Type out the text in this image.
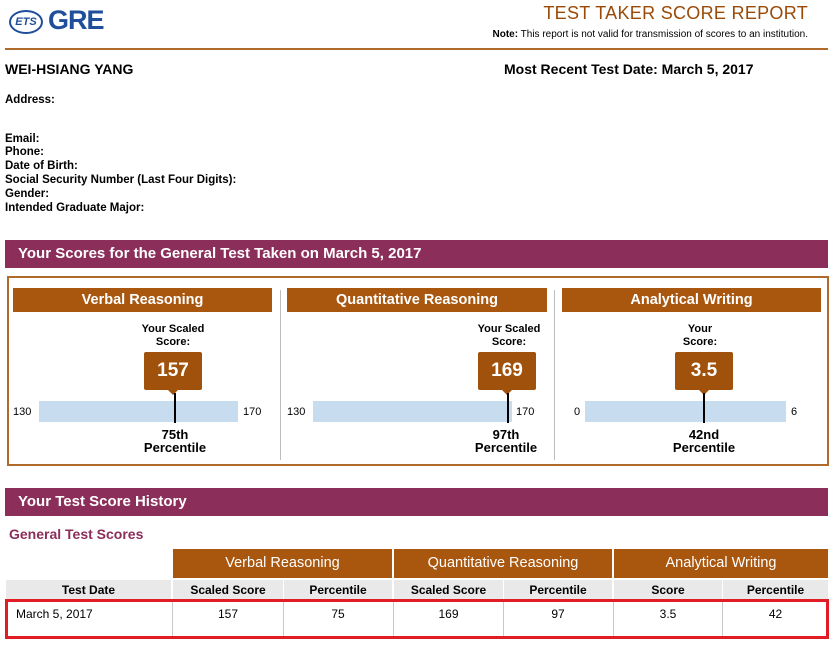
ETS GRE	TEST TAKER SCORE REPORT
Note: This report is not valid for transmission of scores to an institution.
WEI-HSIANG YANG	Most Recent Test Date: March 5, 2017
Address:
Email:
Phone:
Date of Birth:
Social Security Number (Last Four Digits):
Gender:
Intended Graduate Major:
Your Scores for the General Test Taken on March 5, 2017
Verbal Reasoning
Your Scaled
Score:
157
130	170
75th
Percentile
Quantitative Reasoning
Your Scaled
Score:
169
130	170
97th
Percentile
Analytical Writing
Your
Score:
3.5
0	6
42nd
Percentile
Your Test Score History
General Test Scores
Verbal Reasoning	Quantitative Reasoning	Analytical Writing
Test Date	Scaled Score	Percentile	Scaled Score	Percentile	Score	Percentile
March 5, 2017	157	75	169	97	3.5	42
